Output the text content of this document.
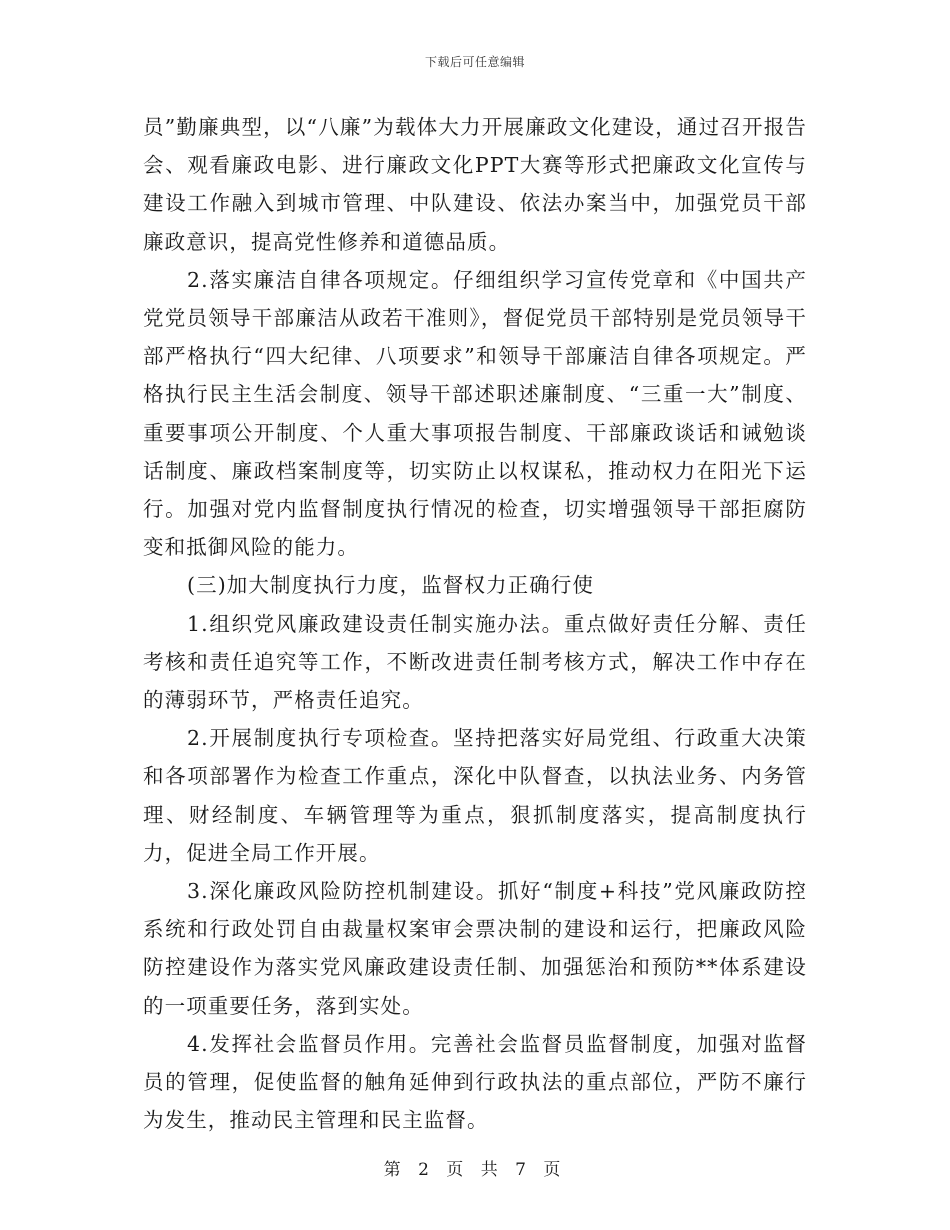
下载后可任意编辑

员”勤廉典型，以“八廉”为载体大力开展廉政文化建设，通过召开报告会、观看廉政电影、进行廉政文化PPT大赛等形式把廉政文化宣传与建设工作融入到城市管理、中队建设、依法办案当中，加强党员干部廉政意识，提高党性修养和道德品质。

2.落实廉洁自律各项规定。仔细组织学习宣传党章和《中国共产党党员领导干部廉洁从政若干准则》，督促党员干部特别是党员领导干部严格执行“四大纪律、八项要求”和领导干部廉洁自律各项规定。严格执行民主生活会制度、领导干部述职述廉制度、“三重一大”制度、重要事项公开制度、个人重大事项报告制度、干部廉政谈话和诫勉谈话制度、廉政档案制度等，切实防止以权谋私，推动权力在阳光下运行。加强对党内监督制度执行情况的检查，切实增强领导干部拒腐防变和抵御风险的能力。

(三)加大制度执行力度，监督权力正确行使

1.组织党风廉政建设责任制实施办法。重点做好责任分解、责任考核和责任追究等工作，不断改进责任制考核方式，解决工作中存在的薄弱环节，严格责任追究。

2.开展制度执行专项检查。坚持把落实好局党组、行政重大决策和各项部署作为检查工作重点，深化中队督查，以执法业务、内务管理、财经制度、车辆管理等为重点，狠抓制度落实，提高制度执行力，促进全局工作开展。

3.深化廉政风险防控机制建设。抓好“制度+科技”党风廉政防控系统和行政处罚自由裁量权案审会票决制的建设和运行，把廉政风险防控建设作为落实党风廉政建设责任制、加强惩治和预防**体系建设的一项重要任务，落到实处。

4.发挥社会监督员作用。完善社会监督员监督制度，加强对监督员的管理，促使监督的触角延伸到行政执法的重点部位，严防不廉行为发生，推动民主管理和民主监督。

第 2 页 共 7 页
